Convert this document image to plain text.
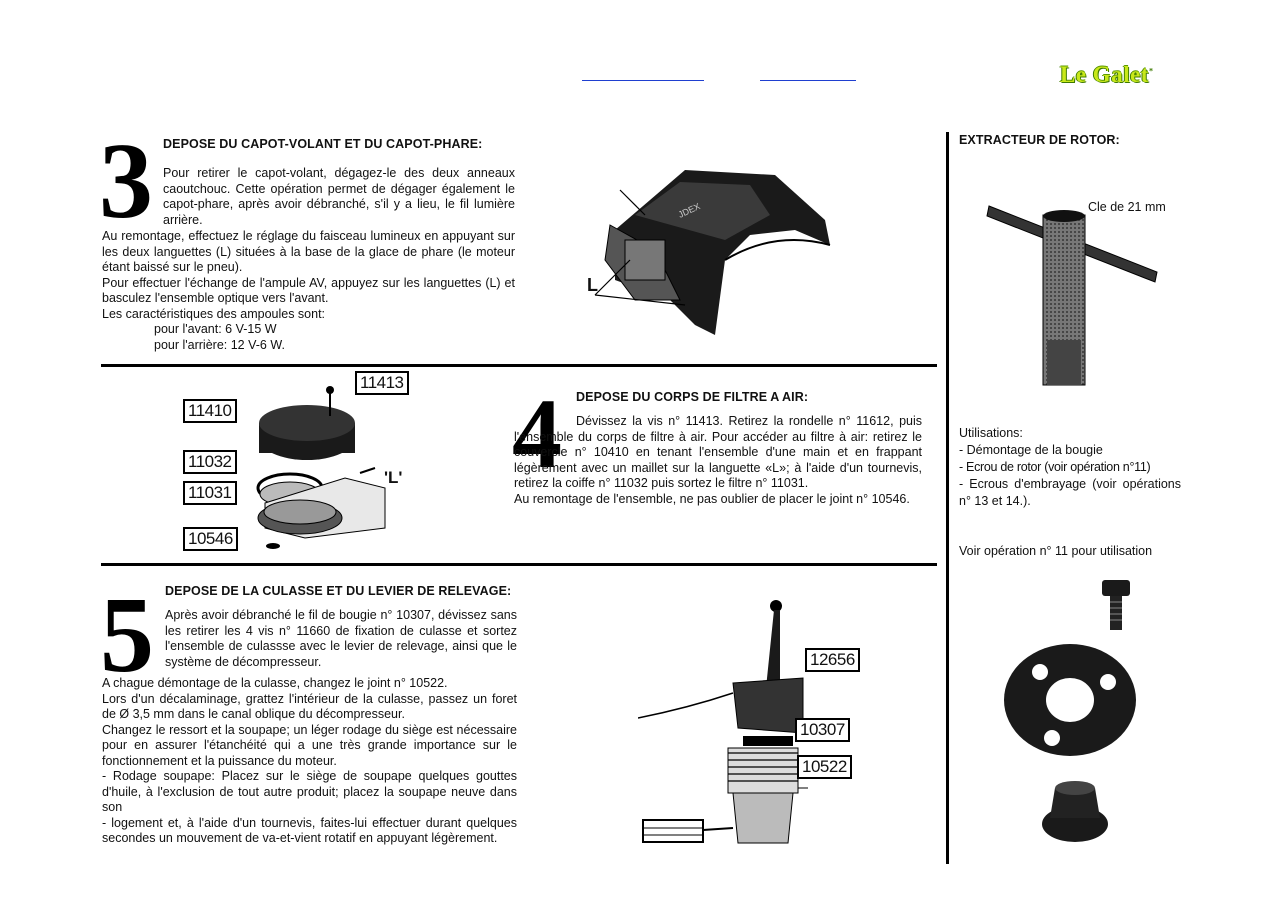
Le Galet*
3 DEPOSE DU CAPOT-VOLANT ET DU CAPOT-PHARE:

Pour retirer le capot-volant, dégagez-le des deux anneaux caoutchouc. Cette opération permet de dégager également le capot-phare, après avoir débranché, s'il y a lieu, le fil lumière arrière.

Au remontage, effectuez le réglage du faisceau lumineux en appuyant sur les deux languettes (L) situées à la base de la glace de phare (le moteur étant baissé sur le pneu).

Pour effectuer l'échange de l'ampule AV, appuyez sur les languettes (L) et basculez l'ensemble optique vers l'avant.

Les caractéristiques des ampoules sont:

pour l'avant: 6 V-15 W

pour l'arrière: 12 V-6 W.

JDEX
L
11413
11410
11032
11031
10546
'L' 4 DEPOSE DU CORPS DE FILTRE A AIR:

Dévissez la vis n° 11413. Retirez la rondelle n° 11612, puis l'ensemble du corps de filtre à air. Pour accéder au filtre à air: retirez le couvercle n° 10410 en tenant l'ensemble d'une main et en frappant légèrement avec un maillet sur la languette «L»; à l'aide d'un tournevis, retirez la coiffe n° 11032 puis sortez le filtre n° 11031.

Au remontage de l'ensemble, ne pas oublier de placer le joint n° 10546.

5 DEPOSE DE LA CULASSE ET DU LEVIER DE RELEVAGE:

Après avoir débranché le fil de bougie n° 10307, dévissez sans les retirer les 4 vis n° 11660 de fixation de culasse et sortez l'ensemble de culassse avec le levier de relevage, ainsi que le système de décompresseur.

A chague démontage de la culasse, changez le joint n° 10522.

Lors d'un décalaminage, grattez l'intérieur de la culasse, passez un foret de Ø 3,5 mm dans le canal oblique du décompresseur.

Changez le ressort et la soupape; un léger rodage du siège est nécessaire pour en assurer l'étanchéité qui a une très grande importance sur le fonctionnement et la puissance du moteur.

- Rodage soupape: Placez sur le siège de soupape quelques gouttes d'huile, à l'exclusion de tout autre produit; placez la soupape neuve dans son

- logement et, à l'aide d'un tournevis, faites-lui effectuer durant quelques secondes un mouvement de va-et-vient rotatif en appuyant légèrement.

12656
10307
10522
EXTRACTEUR DE ROTOR:
Cle de 21 mm
Utilisations:
- Démontage de la bougie
- Ecrou de rotor (voir opération n°11)
- Ecrous d'embrayage (voir opérations n° 13 et 14.).
Voir opération n° 11 pour utilisation
